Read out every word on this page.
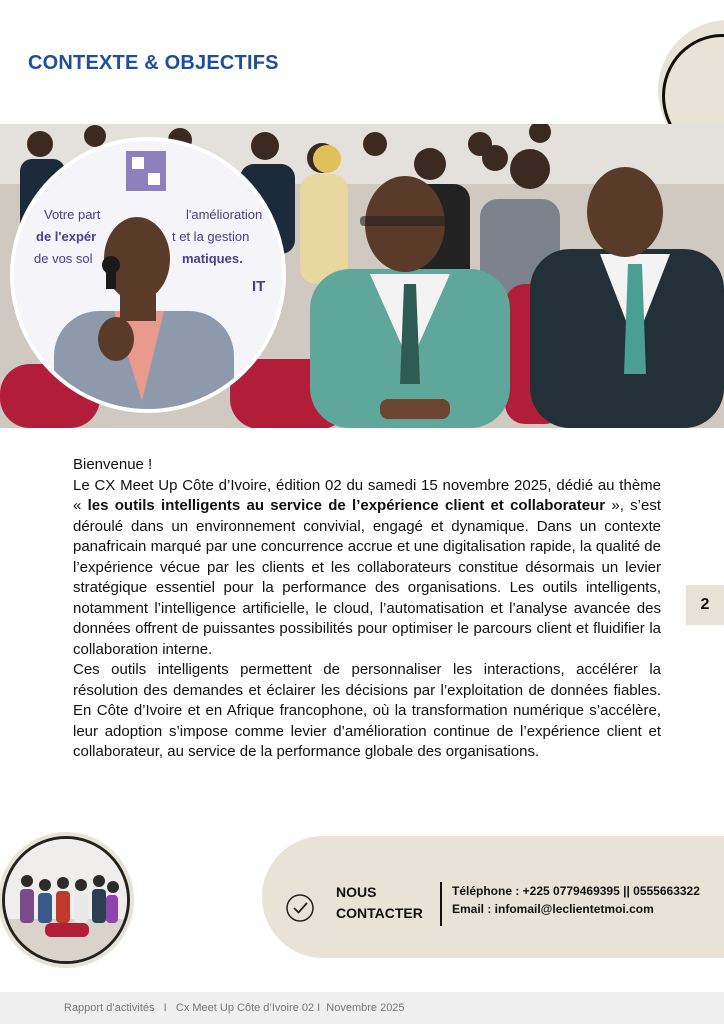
CONTEXTE & OBJECTIFS
Votre part	l'amélioration
de l'expér	t et la gestion
de vos sol	matiques.
IT

Bienvenue !

Le CX Meet Up Côte d’Ivoire, édition 02 du samedi 15 novembre 2025, dédié au thème « les outils intelligents au service de l’expérience client et collaborateur », s’est déroulé dans un environnement convivial, engagé et dynamique. Dans un contexte panafricain marqué par une concurrence accrue et une digitalisation rapide, la qualité de l’expérience vécue par les clients et les collaborateurs constitue désormais un levier stratégique essentiel pour la performance des organisations. Les outils intelligents, notamment l’intelligence artificielle, le cloud, l’automatisation et l’analyse avancée des données offrent de puissantes possibilités pour optimiser le parcours client et fluidifier la collaboration interne.

Ces outils intelligents permettent de personnaliser les interactions, accélérer la résolution des demandes et éclairer les décisions par l’exploitation de données fiables. En Côte d’Ivoire et en Afrique francophone, où la transformation numérique s’accélère, leur adoption s’impose comme levier d’amélioration continue de l’expérience client et collaborateur, au service de la performance globale des organisations.

2
NOUS
CONTACTER
Téléphone : +225 0779469395 || 0555663322
Email : infomail@leclientetmoi.com
Rapport d’activités   I   Cx Meet Up Côte d’Ivoire 02 I  Novembre 2025
